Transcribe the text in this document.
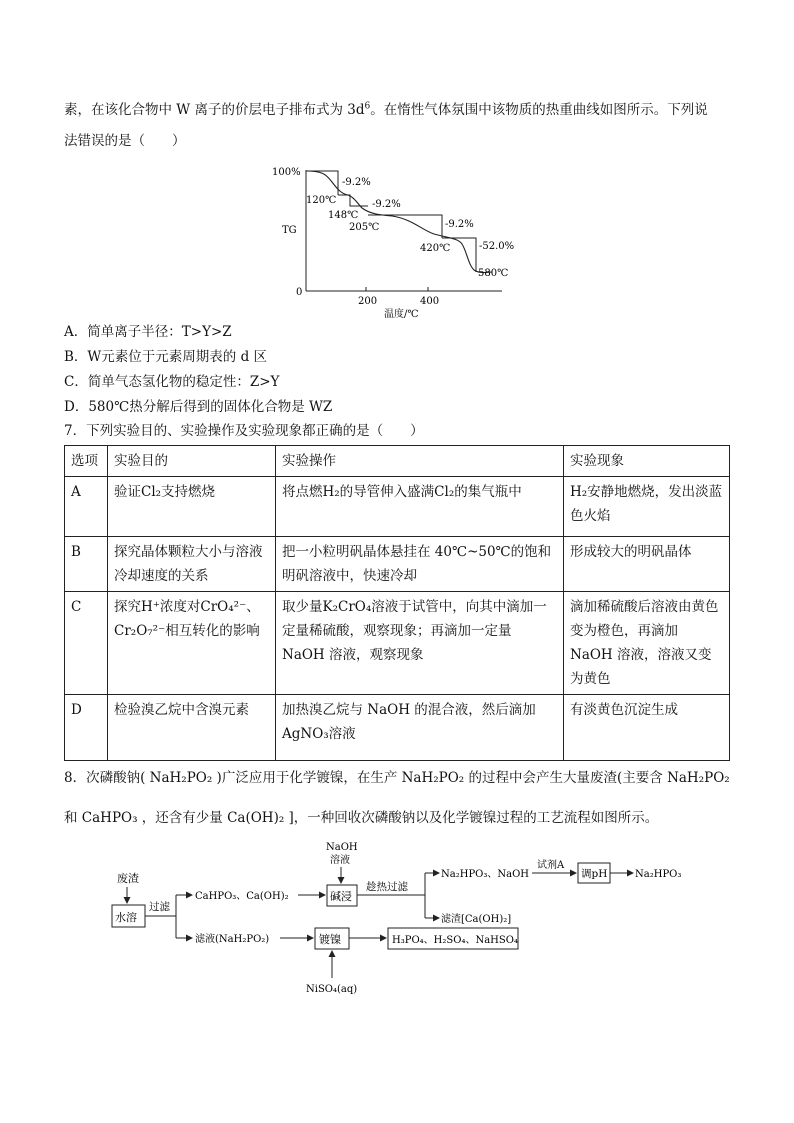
素，在该化合物中 W 离子的价层电子排布式为 $3d^6$。在惰性气体氛围中该物质的热重曲线如图所示。下列说
法错误的是（　　）
100%
0
TG
200	400
温度/℃
-9.2%
-9.2%
-9.2%
-52.0%
120℃
148℃
205℃
420℃
580℃
A．简单离子半径：T>Y>Z
B．W元素位于元素周期表的 d 区
C．简单气态氢化物的稳定性：Z>Y
D．580℃热分解后得到的固体化合物是 WZ
7．下列实验目的、实验操作及实验现象都正确的是（　　）
选项	实验目的	实验操作	实验现象
A	验证Cl₂支持燃烧	将点燃H₂的导管伸入盛满Cl₂的集气瓶中	H₂安静地燃烧，发出淡蓝色火焰
B	探究晶体颗粒大小与溶液冷却速度的关系	把一小粒明矾晶体悬挂在 40℃~50℃的饱和明矾溶液中，快速冷却	形成较大的明矾晶体
C	探究H⁺浓度对CrO₄²⁻、Cr₂O₇²⁻相互转化的影响	取少量K₂CrO₄溶液于试管中，向其中滴加一定量稀硫酸，观察现象；再滴加一定量 NaOH 溶液，观察现象	滴加稀硫酸后溶液由黄色变为橙色，再滴加 NaOH 溶液，溶液又变为黄色
D	检验溴乙烷中含溴元素	加热溴乙烷与 NaOH 的混合液，然后滴加 AgNO₃溶液	有淡黄色沉淀生成
8．次磷酸钠( NaH₂PO₂ )广泛应用于化学镀镍，在生产 NaH₂PO₂ 的过程中会产生大量废渣(主要含 NaH₂PO₂
和 CaHPO₃ ，还含有少量 Ca(OH)₂ ]，一种回收次磷酸钠以及化学镀镍过程的工艺流程如图所示。
废渣
水溶
过滤
CaHPO₃、Ca(OH)₂
滤液(NaH₂PO₂)
NaOH
溶液
碱浸
趁热过滤
Na₂HPO₃、NaOH
滤渣[Ca(OH)₂]
试剂A
调pH	Na₂HPO₃
镀镍	H₃PO₄、H₂SO₄、NaHSO₄
NiSO₄(aq)
